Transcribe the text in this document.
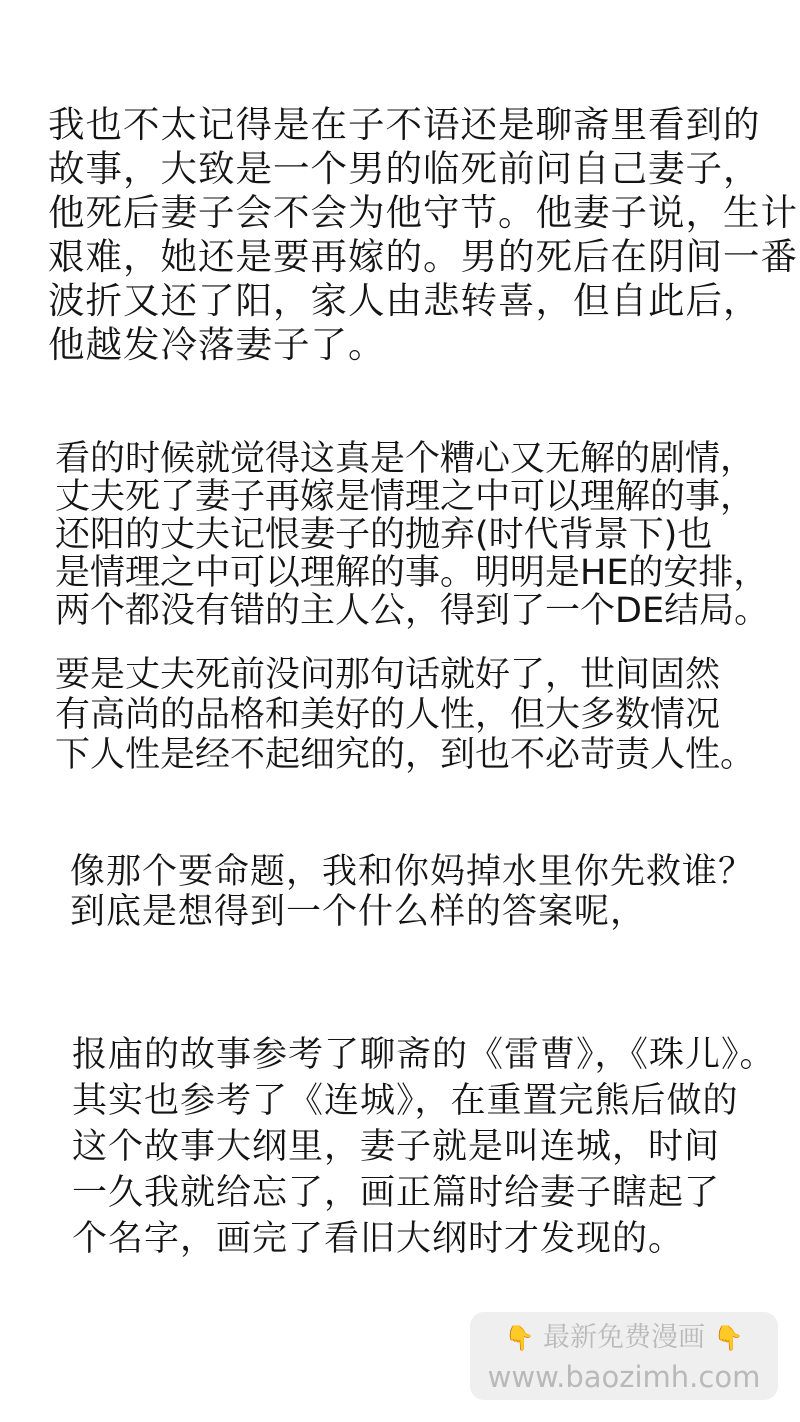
我也不太记得是在子不语还是聊斋里看到的
故事，大致是一个男的临死前问自己妻子，
他死后妻子会不会为他守节。他妻子说，生计
艰难，她还是要再嫁的。男的死后在阴间一番
波折又还了阳，家人由悲转喜，但自此后，
他越发冷落妻子了。
看的时候就觉得这真是个糟心又无解的剧情，
丈夫死了妻子再嫁是情理之中可以理解的事，
还阳的丈夫记恨妻子的抛弃(时代背景下)也
是情理之中可以理解的事。明明是HE的安排，
两个都没有错的主人公，得到了一个DE结局。
要是丈夫死前没问那句话就好了，世间固然
有高尚的品格和美好的人性，但大多数情况
下人性是经不起细究的，到也不必苛责人性。
像那个要命题，我和你妈掉水里你先救谁？
到底是想得到一个什么样的答案呢，
报庙的故事参考了聊斋的《雷曹》，《珠儿》。
其实也参考了《连城》，在重置完熊后做的
这个故事大纲里，妻子就是叫连城，时间
一久我就给忘了，画正篇时给妻子瞎起了
个名字，画完了看旧大纲时才发现的。
👇 最新免费漫画 👇
www.baozimh.com
